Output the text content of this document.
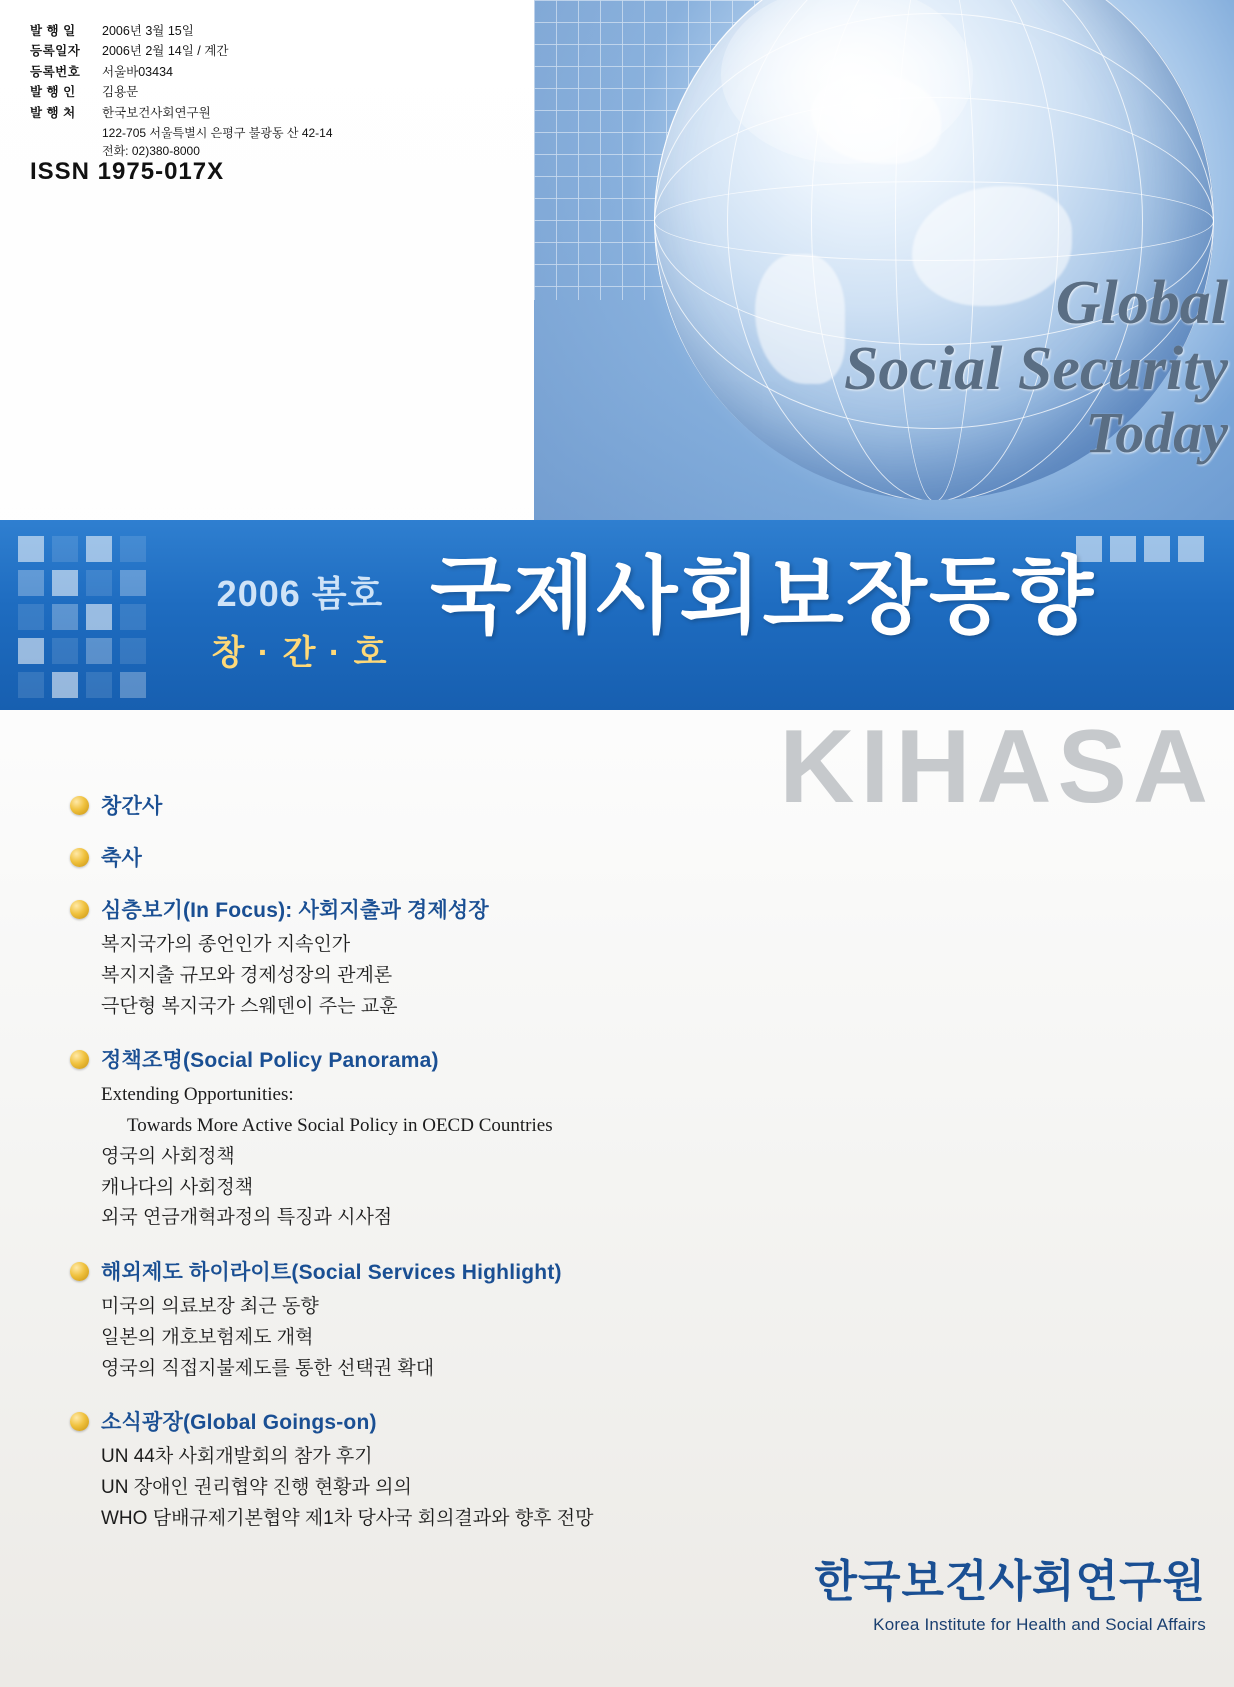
발 행 일	2006년 3월 15일
등록일자	2006년 2월 14일 / 계간
등록번호	서울바03434
발 행 인	김용문
발 행 처	한국보건사회연구원
122-705 서울특별시 은평구 불광동 산 42-14
전화: 02)380-8000
ISSN 1975-017X
Global
Social Security
Today
2006 봄호
창 · 간 · 호
국제사회보장동향
KIHASA
창간사
축사
심층보기(In Focus): 사회지출과 경제성장
복지국가의 종언인가 지속인가
복지지출 규모와 경제성장의 관계론
극단형 복지국가 스웨덴이 주는 교훈
정책조명(Social Policy Panorama)
Extending Opportunities:
Towards More Active Social Policy in OECD Countries
영국의 사회정책
캐나다의 사회정책
외국 연금개혁과정의 특징과 시사점
해외제도 하이라이트(Social Services Highlight)
미국의 의료보장 최근 동향
일본의 개호보험제도 개혁
영국의 직접지불제도를 통한 선택권 확대
소식광장(Global Goings-on)
UN 44차 사회개발회의 참가 후기
UN 장애인 권리협약 진행 현황과 의의
WHO 담배규제기본협약 제1차 당사국 회의결과와 향후 전망
한국보건사회연구원
Korea Institute for Health and Social Affairs
